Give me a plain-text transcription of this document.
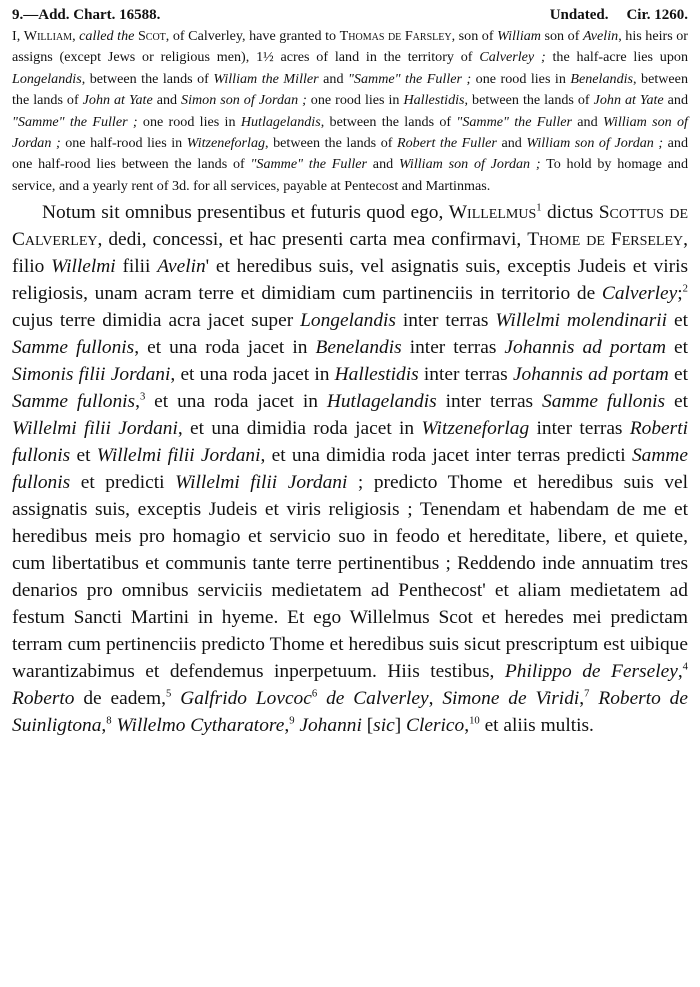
9.—Add. Chart. 16588.	Undated. Cir. 1260.

I, William, called the Scot, of Calverley, have granted to Thomas de Farsley, son of William son of Avelin, his heirs or assigns (except Jews or religious men), 1½ acres of land in the territory of Calverley ; the half-acre lies upon Longelandis, between the lands of William the Miller and "Samme" the Fuller ; one rood lies in Benelandis, between the lands of John at Yate and Simon son of Jordan ; one rood lies in Hallestidis, between the lands of John at Yate and "Samme" the Fuller ; one rood lies in Hutlagelandis, between the lands of "Samme" the Fuller and William son of Jordan ; one half-rood lies in Witzeneforlag, between the lands of Robert the Fuller and William son of Jordan ; and one half-rood lies between the lands of "Samme" the Fuller and William son of Jordan ; To hold by homage and service, and a yearly rent of 3d. for all services, payable at Pentecost and Martinmas.

Notum sit omnibus presentibus et futuris quod ego, Willelmus$^1$ dictus Scottus de Calverley, dedi, concessi, et hac presenti carta mea confirmavi, Thome de Ferseley, filio Willelmi filii Avelin' et heredibus suis, vel asignatis suis, exceptis Judeis et viris religiosis, unam acram terre et dimidiam cum partinenciis in territorio de Calverley;$^2$ cujus terre dimidia acra jacet super Longelandis inter terras Willelmi molendinarii et Samme fullonis, et una roda jacet in Benelandis inter terras Johannis ad portam et Simonis filii Jordani, et una roda jacet in Hallestidis inter terras Johannis ad portam et Samme fullonis,$^3$ et una roda jacet in Hutlagelandis inter terras Samme fullonis et Willelmi filii Jordani, et una dimidia roda jacet in Witzeneforlag inter terras Roberti fullonis et Willelmi filii Jordani, et una dimidia roda jacet inter terras predicti Samme fullonis et predicti Willelmi filii Jordani ; predicto Thome et heredibus suis vel assignatis suis, exceptis Judeis et viris religiosis ; Tenendam et habendam de me et heredibus meis pro homagio et servicio suo in feodo et hereditate, libere, et quiete, cum libertatibus et communis tante terre pertinentibus ; Reddendo inde annuatim tres denarios pro omnibus serviciis medietatem ad Penthecost' et aliam medietatem ad festum Sancti Martini in hyeme. Et ego Willelmus Scot et heredes mei predictam terram cum pertinenciis predicto Thome et heredibus suis sicut prescriptum est uibique warantizabimus et defendemus inperpetuum. Hiis testibus, Philippo de Ferseley,$^4$ Roberto de eadem,$^5$ Galfrido Lovcoc$^6$ de Calverley, Simone de Viridi,$^7$ Roberto de Suinligtona,$^8$ Willelmo Cytharatore,$^9$ Johanni [sic] Clerico,$^{10}$ et aliis multis.
